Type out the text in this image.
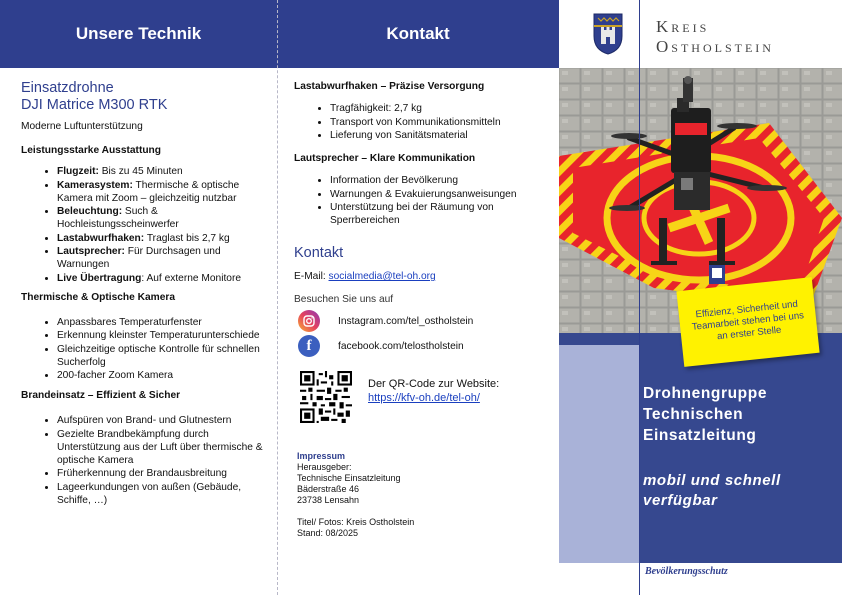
Unsere Technik	Kontakt
Einsatzdrohne
DJI Matrice M300 RTK

Moderne Luftunterstützung

Leistungsstarke Ausstattung
• Flugzeit: Bis zu 45 Minuten
• Kamerasystem: Thermische & optische Kamera mit Zoom – gleichzeitig nutzbar
• Beleuchtung: Such & Hochleistungsscheinwerfer
• Lastabwurfhaken: Traglast bis 2,7 kg
• Lautsprecher: Für Durchsagen und Warnungen
• Live Übertragung: Auf externe Monitore
Thermische & Optische Kamera
• Anpassbares Temperaturfenster
• Erkennung kleinster Temperaturunterschiede
• Gleichzeitige optische Kontrolle für schnellen Sucherfolg
• 200-facher Zoom Kamera
Brandeinsatz – Effizient & Sicher
• Aufspüren von Brand- und Glutnestern
• Gezielte Brandbekämpfung durch Unterstützung aus der Luft über thermische & optische Kamera
• Früherkennung der Brandausbreitung
• Lageerkundungen von außen (Gebäude, Schiffe, …)
Lastabwurfhaken – Präzise Versorgung
• Tragfähigkeit: 2,7 kg
• Transport von Kommunikationsmitteln
• Lieferung von Sanitätsmaterial
Lautsprecher – Klare Kommunikation
• Information der Bevölkerung
• Warnungen & Evakuierungsanweisungen
• Unterstützung bei der Räumung von Sperrbereichen
Kontakt

E-Mail: socialmedia@tel-oh.org

Besuchen Sie uns auf

Instagram.com/tel_ostholstein
f	facebook.com/telostholstein
Der QR-Code zur Website:
https://kfv-oh.de/tel-oh/
Impressum
Herausgeber:
Technische Einsatzleitung
Bäderstraße 46
23738 Lensahn
Titel/ Fotos: Kreis Ostholstein
Stand: 08/2025
Kreis
Ostholstein
Drohnengruppe
Technischen
Einsatzleitung
mobil und schnell
verfügbar
Effizienz, Sicherheit und Teamarbeit stehen bei uns an erster Stelle
Bevölkerungsschutz
